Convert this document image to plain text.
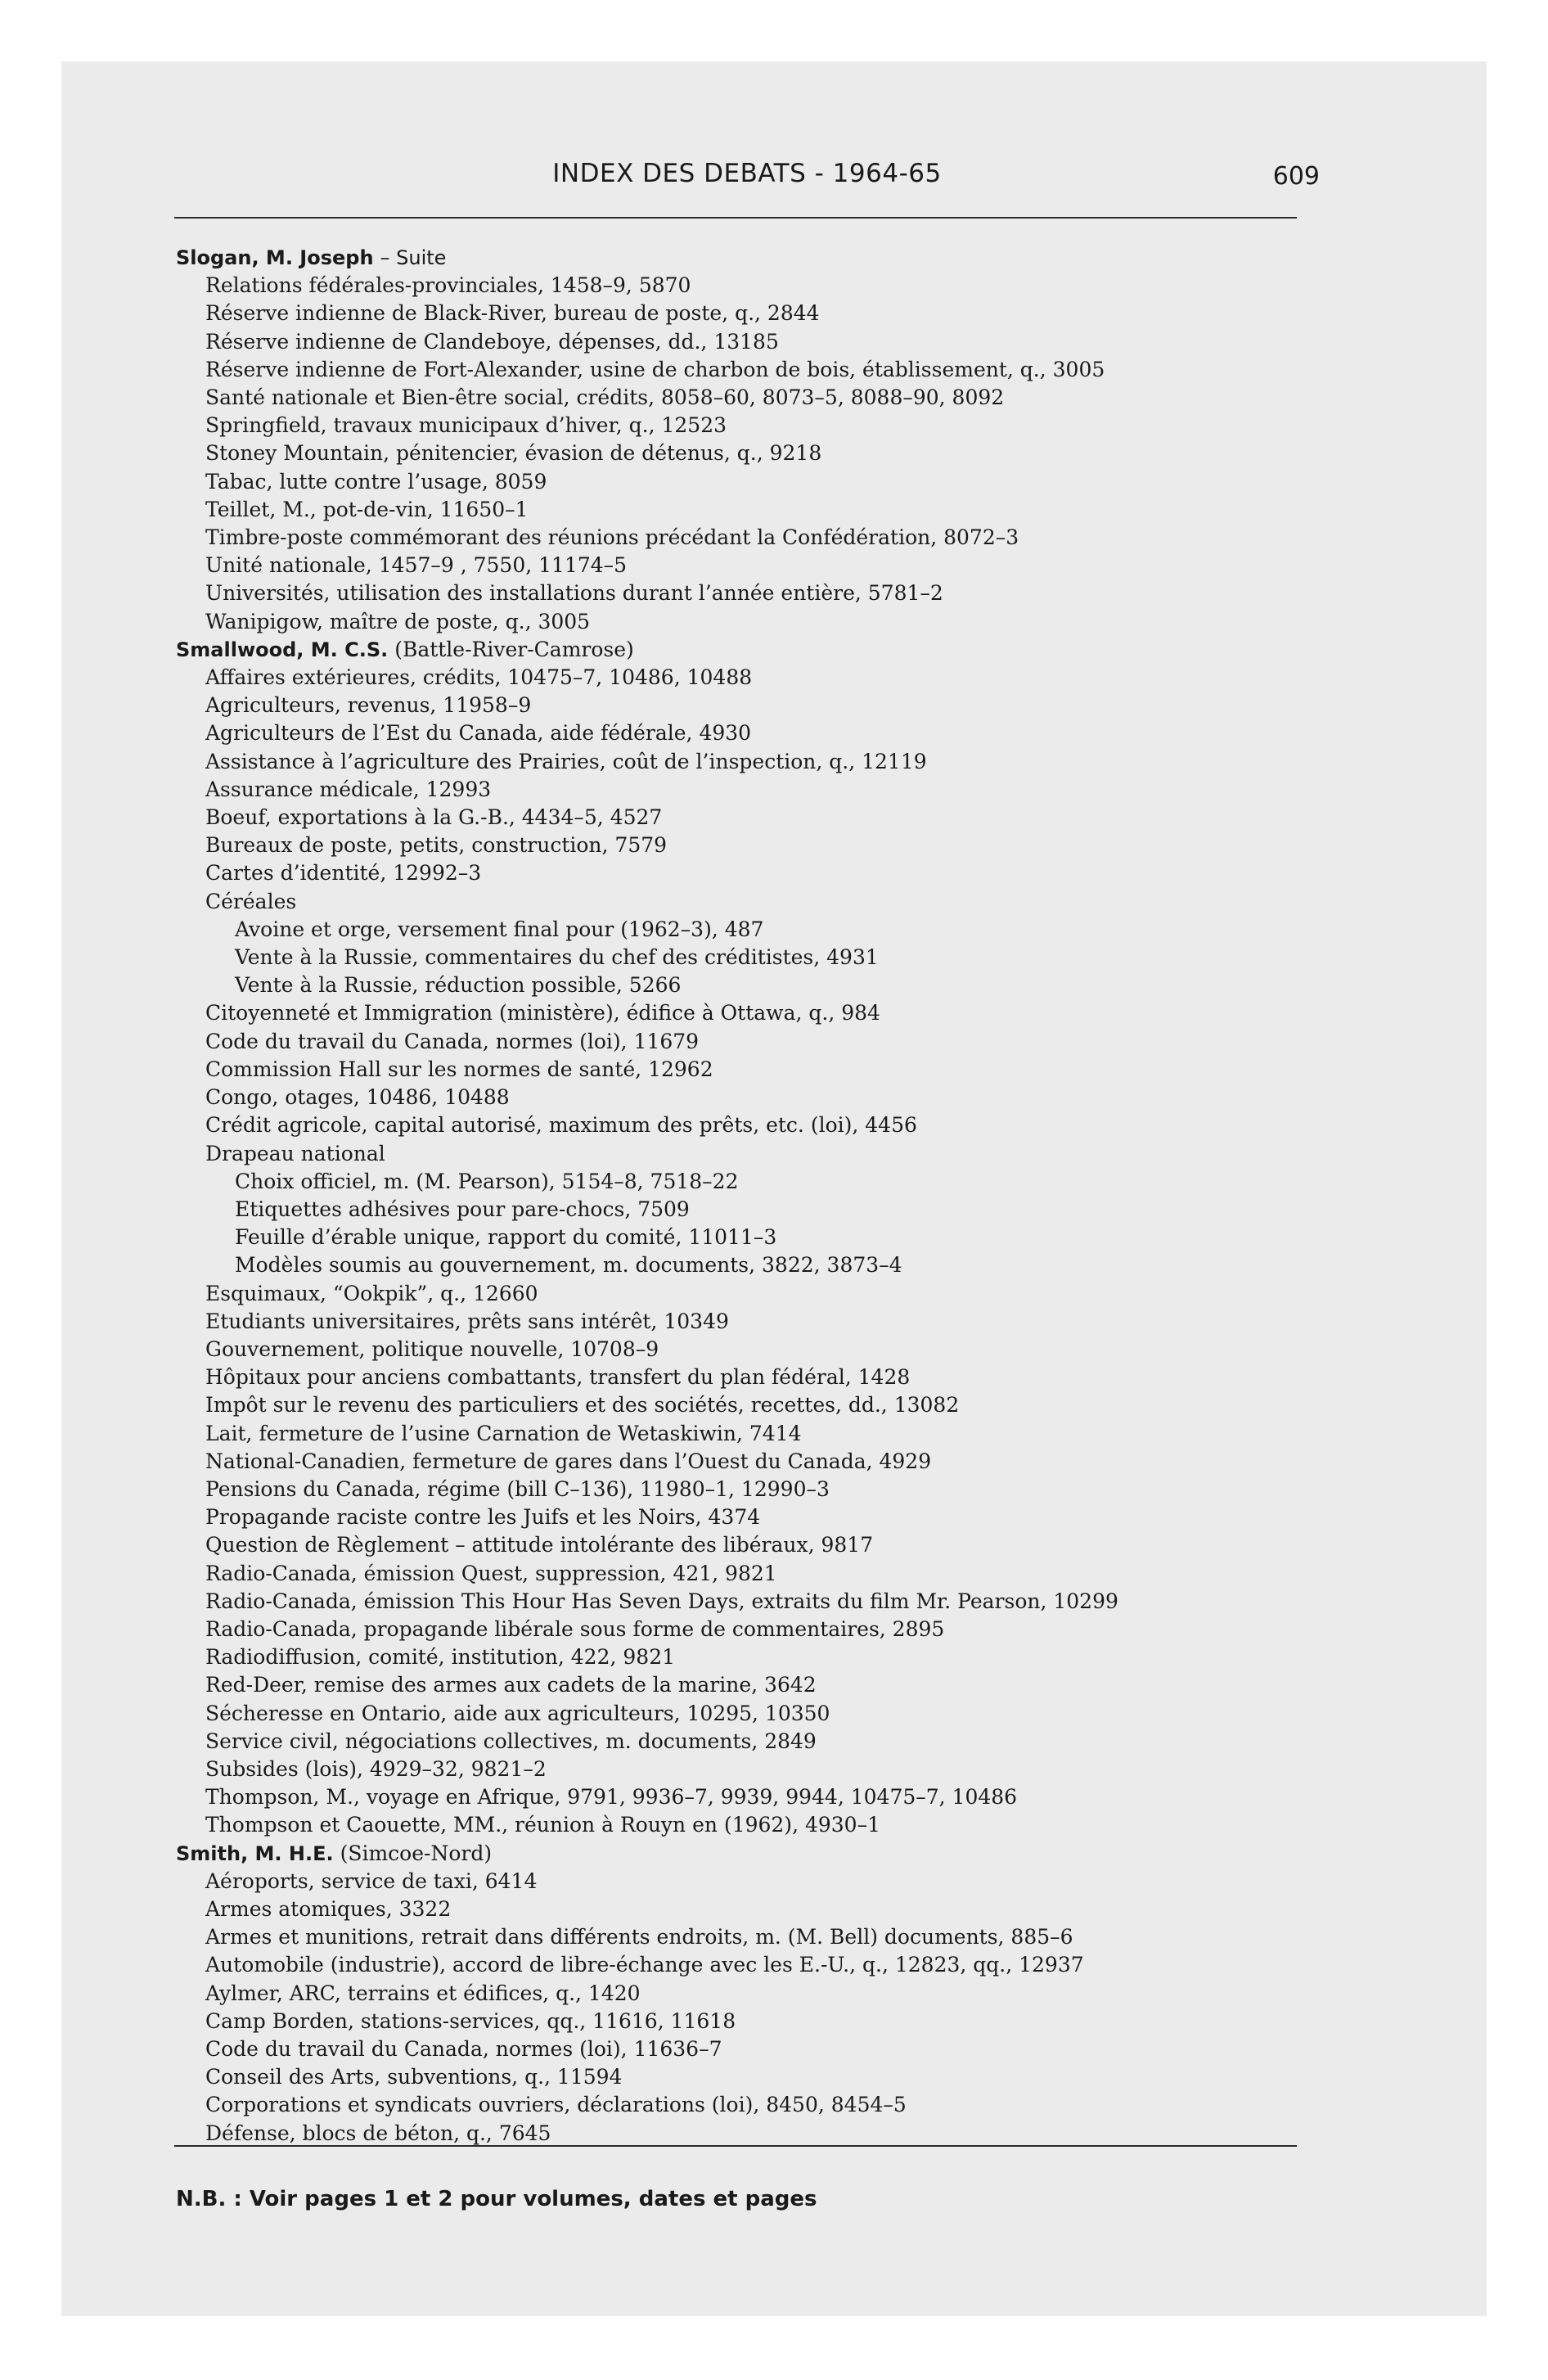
INDEX DES DEBATS - 1964-65	609
Slogan, M. Joseph – Suite
Relations fédérales-provinciales, 1458–9, 5870
Réserve indienne de Black-River, bureau de poste, q., 2844
Réserve indienne de Clandeboye, dépenses, dd., 13185
Réserve indienne de Fort-Alexander, usine de charbon de bois, établissement, q., 3005
Santé nationale et Bien-être social, crédits, 8058–60, 8073–5, 8088–90, 8092
Springfield, travaux municipaux d’hiver, q., 12523
Stoney Mountain, pénitencier, évasion de détenus, q., 9218
Tabac, lutte contre l’usage, 8059
Teillet, M., pot-de-vin, 11650–1
Timbre-poste commémorant des réunions précédant la Confédération, 8072–3
Unité nationale, 1457–9 , 7550, 11174–5
Universités, utilisation des installations durant l’année entière, 5781–2
Wanipigow, maître de poste, q., 3005
Smallwood, M. C.S. (Battle-River-Camrose)
Affaires extérieures, crédits, 10475–7, 10486, 10488
Agriculteurs, revenus, 11958–9
Agriculteurs de l’Est du Canada, aide fédérale, 4930
Assistance à l’agriculture des Prairies, coût de l’inspection, q., 12119
Assurance médicale, 12993
Boeuf, exportations à la G.-B., 4434–5, 4527
Bureaux de poste, petits, construction, 7579
Cartes d’identité, 12992–3
Céréales
Avoine et orge, versement final pour (1962–3), 487
Vente à la Russie, commentaires du chef des créditistes, 4931
Vente à la Russie, réduction possible, 5266
Citoyenneté et Immigration (ministère), édifice à Ottawa, q., 984
Code du travail du Canada, normes (loi), 11679
Commission Hall sur les normes de santé, 12962
Congo, otages, 10486, 10488
Crédit agricole, capital autorisé, maximum des prêts, etc. (loi), 4456
Drapeau national
Choix officiel, m. (M. Pearson), 5154–8, 7518–22
Etiquettes adhésives pour pare-chocs, 7509
Feuille d’érable unique, rapport du comité, 11011–3
Modèles soumis au gouvernement, m. documents, 3822, 3873–4
Esquimaux, “Ookpik”, q., 12660
Etudiants universitaires, prêts sans intérêt, 10349
Gouvernement, politique nouvelle, 10708–9
Hôpitaux pour anciens combattants, transfert du plan fédéral, 1428
Impôt sur le revenu des particuliers et des sociétés, recettes, dd., 13082
Lait, fermeture de l’usine Carnation de Wetaskiwin, 7414
National-Canadien, fermeture de gares dans l’Ouest du Canada, 4929
Pensions du Canada, régime (bill C–136), 11980–1, 12990–3
Propagande raciste contre les Juifs et les Noirs, 4374
Question de Règlement – attitude intolérante des libéraux, 9817
Radio-Canada, émission Quest, suppression, 421, 9821
Radio-Canada, émission This Hour Has Seven Days, extraits du film Mr. Pearson, 10299
Radio-Canada, propagande libérale sous forme de commentaires, 2895
Radiodiffusion, comité, institution, 422, 9821
Red-Deer, remise des armes aux cadets de la marine, 3642
Sécheresse en Ontario, aide aux agriculteurs, 10295, 10350
Service civil, négociations collectives, m. documents, 2849
Subsides (lois), 4929–32, 9821–2
Thompson, M., voyage en Afrique, 9791, 9936–7, 9939, 9944, 10475–7, 10486
Thompson et Caouette, MM., réunion à Rouyn en (1962), 4930–1
Smith, M. H.E. (Simcoe-Nord)
Aéroports, service de taxi, 6414
Armes atomiques, 3322
Armes et munitions, retrait dans différents endroits, m. (M. Bell) documents, 885–6
Automobile (industrie), accord de libre-échange avec les E.-U., q., 12823, qq., 12937
Aylmer, ARC, terrains et édifices, q., 1420
Camp Borden, stations-services, qq., 11616, 11618
Code du travail du Canada, normes (loi), 11636–7
Conseil des Arts, subventions, q., 11594
Corporations et syndicats ouvriers, déclarations (loi), 8450, 8454–5
Défense, blocs de béton, q., 7645
N.B. : Voir pages 1 et 2 pour volumes, dates et pages
